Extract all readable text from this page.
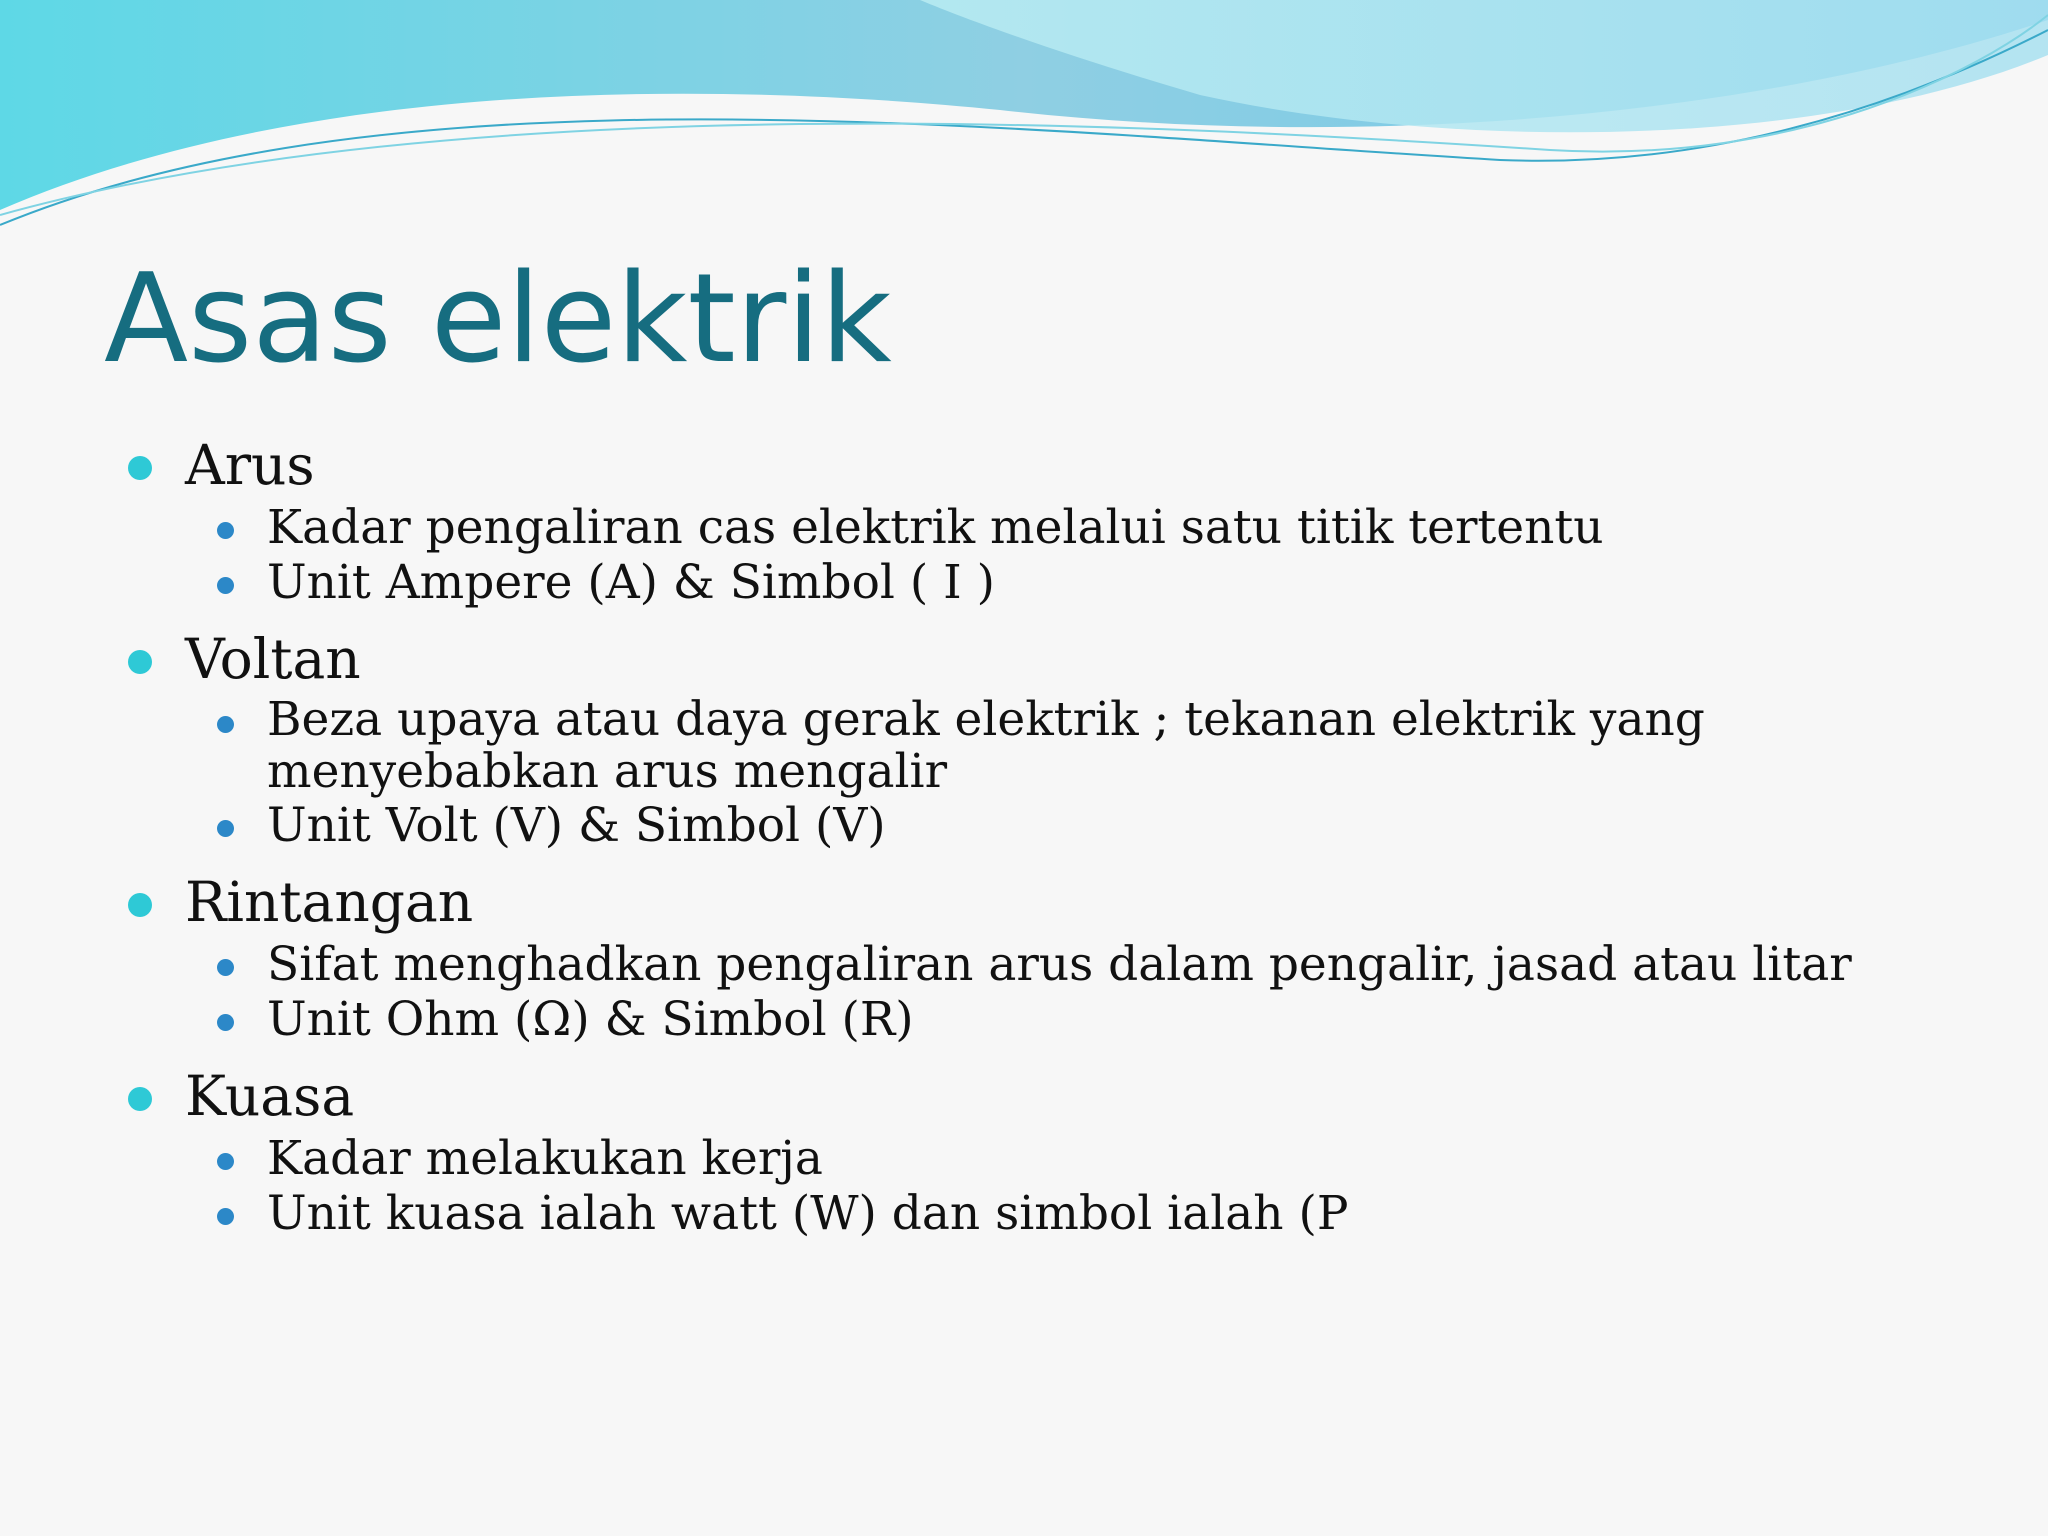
Asas elektrik
Arus
Kadar pengaliran cas elektrik melalui satu titik tertentu
Unit Ampere (A) & Simbol ( I )
Voltan
Beza upaya atau daya gerak elektrik ; tekanan elektrik yang
menyebabkan arus mengalir
Unit Volt (V) & Simbol (V)
Rintangan
Sifat menghadkan pengaliran arus dalam pengalir, jasad atau litar
Unit Ohm (Ω) & Simbol (R)
Kuasa
Kadar melakukan kerja
Unit kuasa ialah watt (W) dan simbol ialah (P
